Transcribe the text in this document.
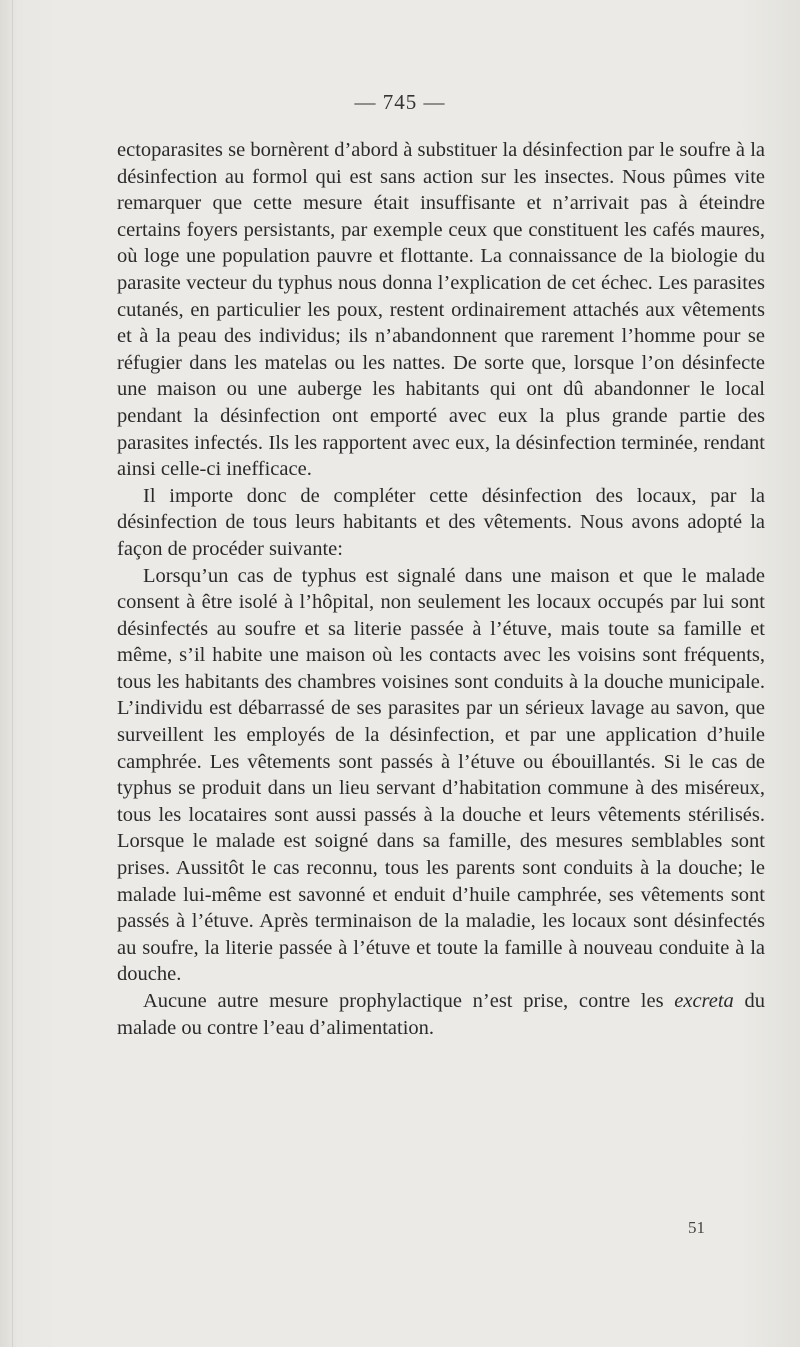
— 745 —

ectoparasites se bornèrent d’abord à substituer la désinfection par le soufre à la désinfection au formol qui est sans action sur les insectes. Nous pûmes vite remarquer que cette mesure était insuffisante et n’arrivait pas à éteindre certains foyers persistants, par exemple ceux que constituent les cafés maures, où loge une population pauvre et flottante. La connaissance de la biologie du parasite vecteur du typhus nous donna l’explication de cet échec. Les parasites cutanés, en particulier les poux, restent ordinairement attachés aux vêtements et à la peau des individus; ils n’abandonnent que rarement l’homme pour se réfugier dans les matelas ou les nattes. De sorte que, lorsque l’on désinfecte une maison ou une auberge les habitants qui ont dû abandonner le local pendant la désinfection ont emporté avec eux la plus grande partie des parasites infectés. Ils les rapportent avec eux, la désinfection terminée, rendant ainsi celle-ci inefficace.

Il importe donc de compléter cette désinfection des locaux, par la désinfection de tous leurs habitants et des vêtements. Nous avons adopté la façon de procéder suivante:

Lorsqu’un cas de typhus est signalé dans une maison et que le malade consent à être isolé à l’hôpital, non seulement les locaux occupés par lui sont désinfectés au soufre et sa literie passée à l’étuve, mais toute sa famille et même, s’il habite une maison où les contacts avec les voisins sont fréquents, tous les habitants des chambres voisines sont conduits à la douche municipale. L’individu est débarrassé de ses parasites par un sérieux lavage au savon, que surveillent les employés de la désinfection, et par une application d’huile camphrée. Les vêtements sont passés à l’étuve ou ébouillantés. Si le cas de typhus se produit dans un lieu servant d’habitation commune à des miséreux, tous les locataires sont aussi passés à la douche et leurs vêtements stérilisés. Lorsque le malade est soigné dans sa famille, des mesures semblables sont prises. Aussitôt le cas reconnu, tous les parents sont conduits à la douche; le malade lui-même est savonné et enduit d’huile camphrée, ses vêtements sont passés à l’étuve. Après terminaison de la maladie, les locaux sont désinfectés au soufre, la literie passée à l’étuve et toute la famille à nouveau conduite à la douche.

Aucune autre mesure prophylactique n’est prise, contre les excreta du malade ou contre l’eau d’alimentation.

51
